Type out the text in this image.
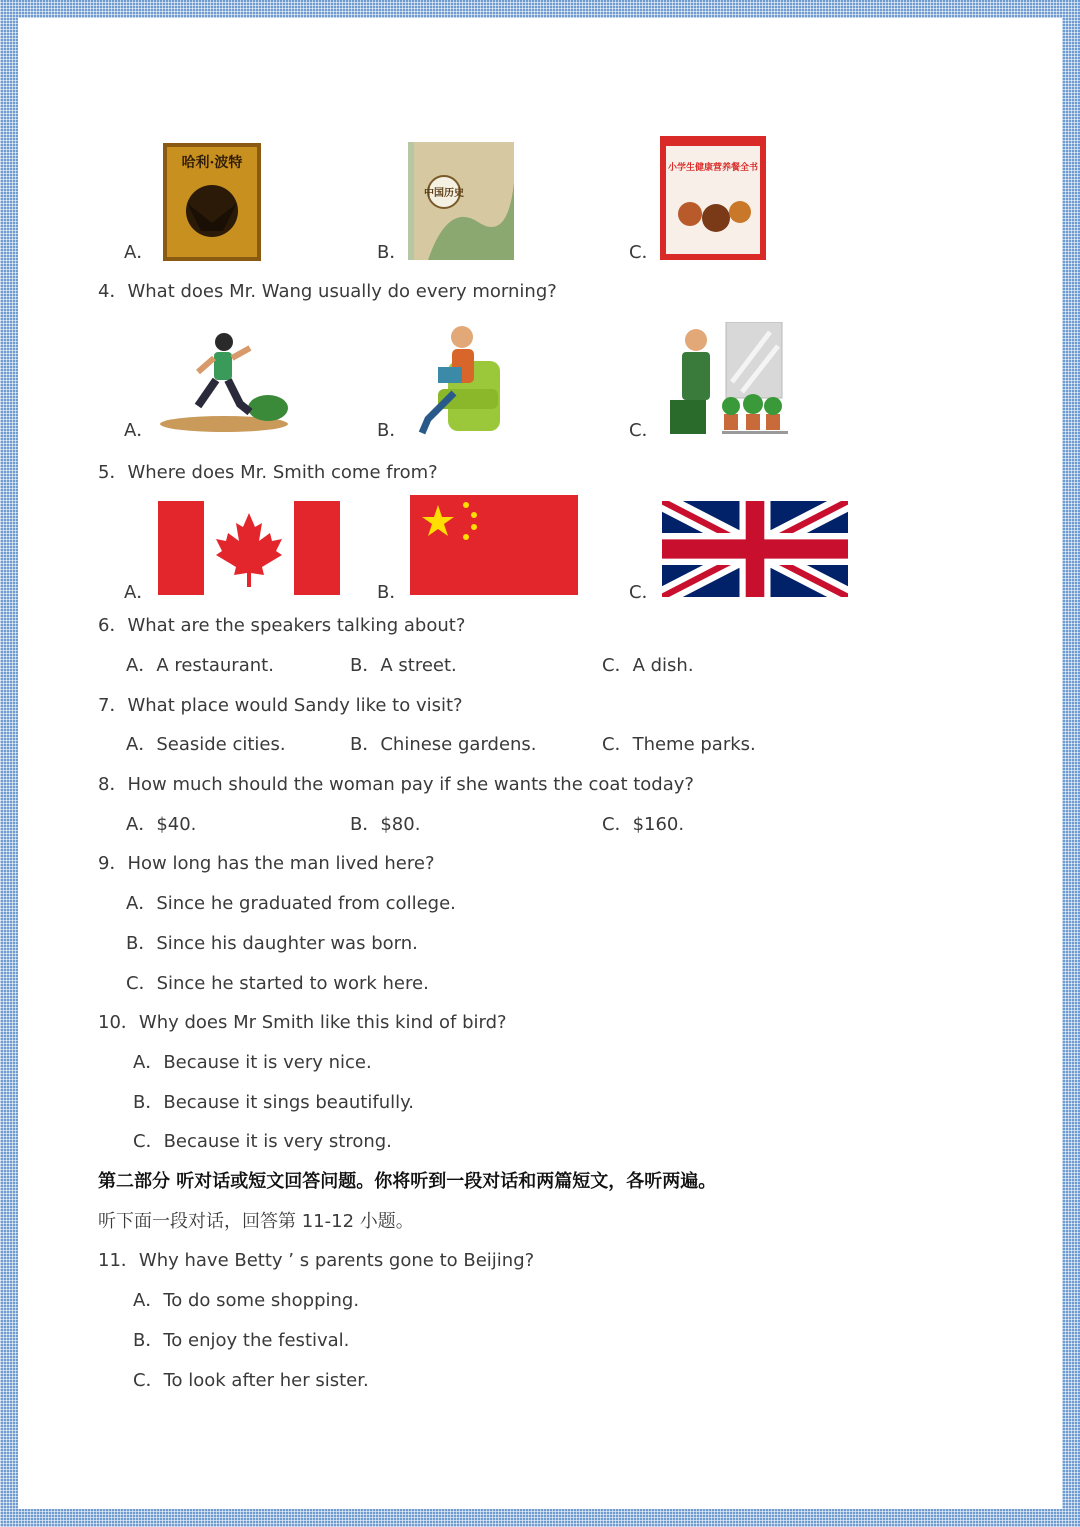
哈利·波特
A．
中国历史
B．
小学生健康营养餐全书
C．
4．What does Mr. Wang usually do every morning?
A．	B．	C．
5．Where does Mr. Smith come from?
A．	B．	C．
6．What are the speakers talking about?
A．A restaurant.	B．A street.	C．A dish.
7．What place would Sandy like to visit?
A．Seaside cities.	B．Chinese gardens.	C．Theme parks.
8．How much should the woman pay if she wants the coat today?
A．$40.	B．$80.	C．$160.
9．How long has the man lived here?
A．Since he graduated from college.
B．Since his daughter was born.
C．Since he started to work here.
10．Why does Mr Smith like this kind of bird?
A．Because it is very nice.
B．Because it sings beautifully.
C．Because it is very strong.
第二部分 听对话或短文回答问题。你将听到一段对话和两篇短文，各听两遍。
听下面一段对话，回答第 11-12 小题。
11．Why have Betty ’ s parents gone to Beijing?
A．To do some shopping.
B．To enjoy the festival.
C．To look after her sister.
